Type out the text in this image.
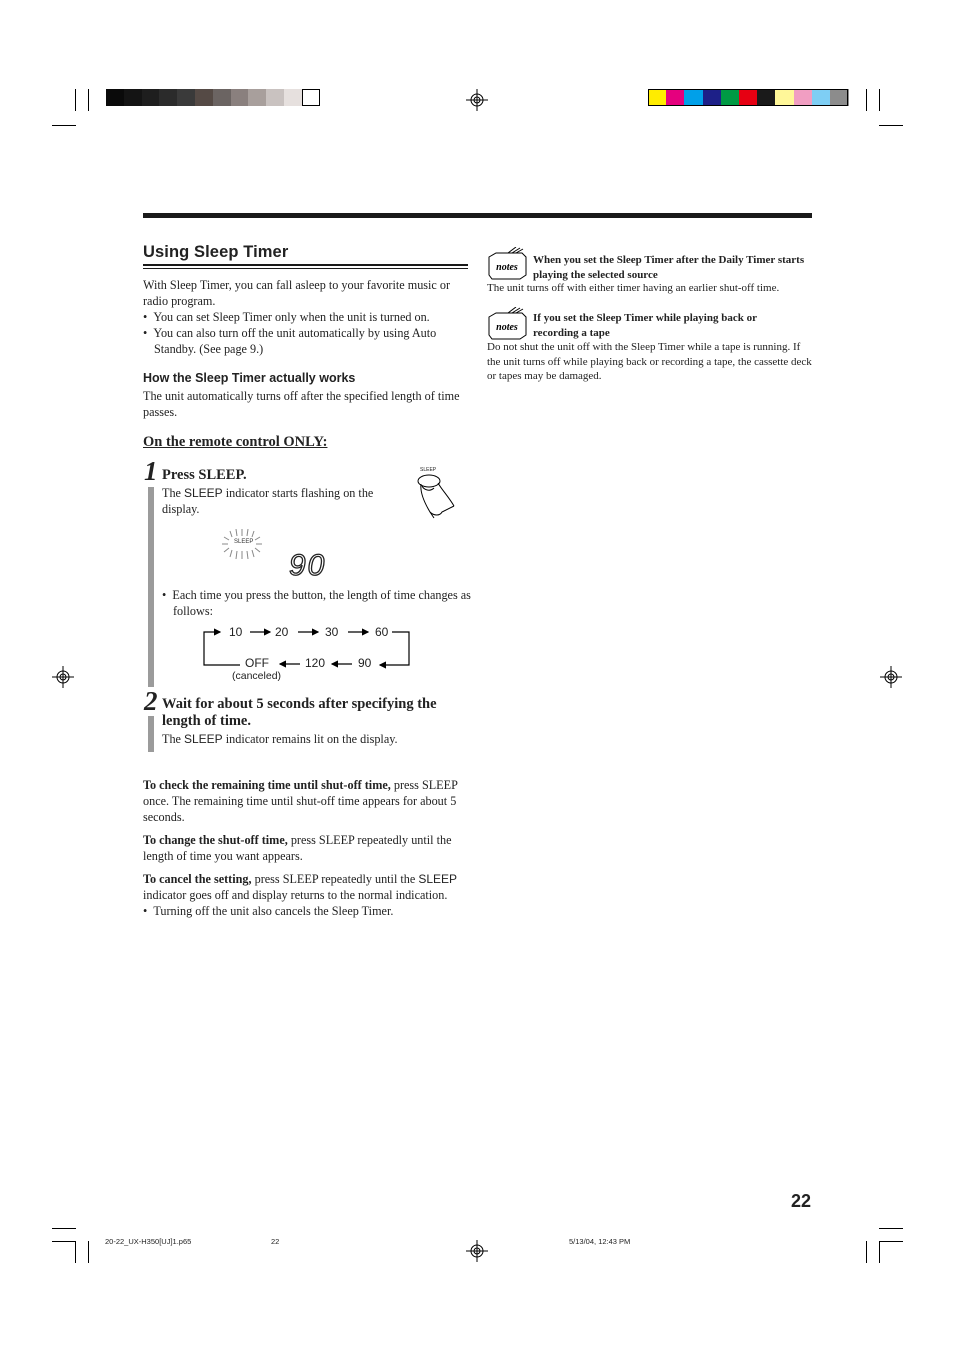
Using Sleep Timer

With Sleep Timer, you can fall asleep to your favorite music or radio program.

•  You can set Sleep Timer only when the unit is turned on.

•  You can also turn off the unit automatically by using Auto Standby. (See page 9.)

How the Sleep Timer actually works
The unit automatically turns off after the specified length of time passes.
On the remote control ONLY:
1 Press SLEEP.
The SLEEP indicator starts flashing on the display.
SLEEP
SLEEP
90
•  Each time you press the button, the length of time changes as follows:
10	20	30	60
OFF	120	90
(canceled)
2 Wait for about 5 seconds after specifying the length of time.
The SLEEP indicator remains lit on the display.

To check the remaining time until shut-off time, press SLEEP once. The remaining time until shut-off time appears for about 5 seconds.

To change the shut-off time, press SLEEP repeatedly until the length of time you want appears.

To cancel the setting, press SLEEP repeatedly until the SLEEP indicator goes off and display returns to the normal indication.

•  Turning off the unit also cancels the Sleep Timer.

notes
When you set the Sleep Timer after the Daily Timer starts playing the selected source
The unit turns off with either timer having an earlier shut-off time.
notes
If you set the Sleep Timer while playing back or recording a tape
Do not shut the unit off with the Sleep Timer while a tape is running. If the unit turns off while playing back or recording a tape, the cassette deck or tapes may be damaged.
22
20-22_UX-H350[UJ]1.p65	22	5/13/04, 12:43 PM
